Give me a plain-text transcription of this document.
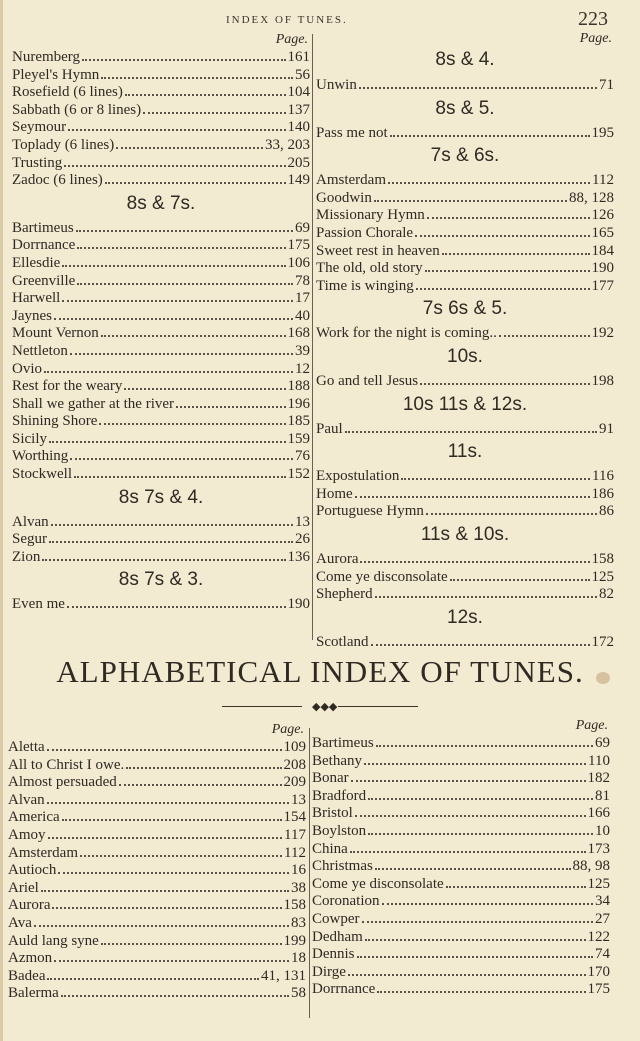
INDEX OF TUNES.	223
Page.
Nuremberg	161
Pleyel's Hymn	56
Rosefield (6 lines)	104
Sabbath (6 or 8 lines)	137
Seymour	140
Toplady (6 lines)	33, 203
Trusting	205
Zadoc (6 lines)	149
8s & 7s.
Bartimeus	69
Dorrnance	175
Ellesdie	106
Greenville	78
Harwell	17
Jaynes	40
Mount Vernon	168
Nettleton	39
Ovio	12
Rest for the weary	188
Shall we gather at the river	196
Shining Shore	185
Sicily	159
Worthing	76
Stockwell	152
8s 7s & 4.
Alvan	13
Segur	26
Zion	136
8s 7s & 3.
Even me	190
Page.
8s & 4.
Unwin	71
8s & 5.
Pass me not	195
7s & 6s.
Amsterdam	112
Goodwin	88, 128
Missionary Hymn	126
Passion Chorale	165
Sweet rest in heaven	184
The old, old story	190
Time is winging	177
7s 6s & 5.
Work for the night is coming..	192
10s.
Go and tell Jesus	198
10s 11s & 12s.
Paul	91
11s.
Expostulation	116
Home	186
Portuguese Hymn	86
11s & 10s.
Aurora	158
Come ye disconsolate	125
Shepherd	82
12s.
Scotland	172
ALPHABETICAL INDEX OF TUNES.
◆◆◆
Page.
Aletta	109
All to Christ I owe.	208
Almost persuaded	209
Alvan	13
America	154
Amoy	117
Amsterdam	112
Autioch	16
Ariel	38
Aurora	158
Ava	83
Auld lang syne	199
Azmon	18
Badea	41, 131
Balerma	58
Page.
Bartimeus	69
Bethany	110
Bonar	182
Bradford	81
Bristol	166
Boylston	10
China	173
Christmas	88, 98
Come ye disconsolate	125
Coronation	34
Cowper	27
Dedham	122
Dennis	74
Dirge	170
Dorrnance	175
